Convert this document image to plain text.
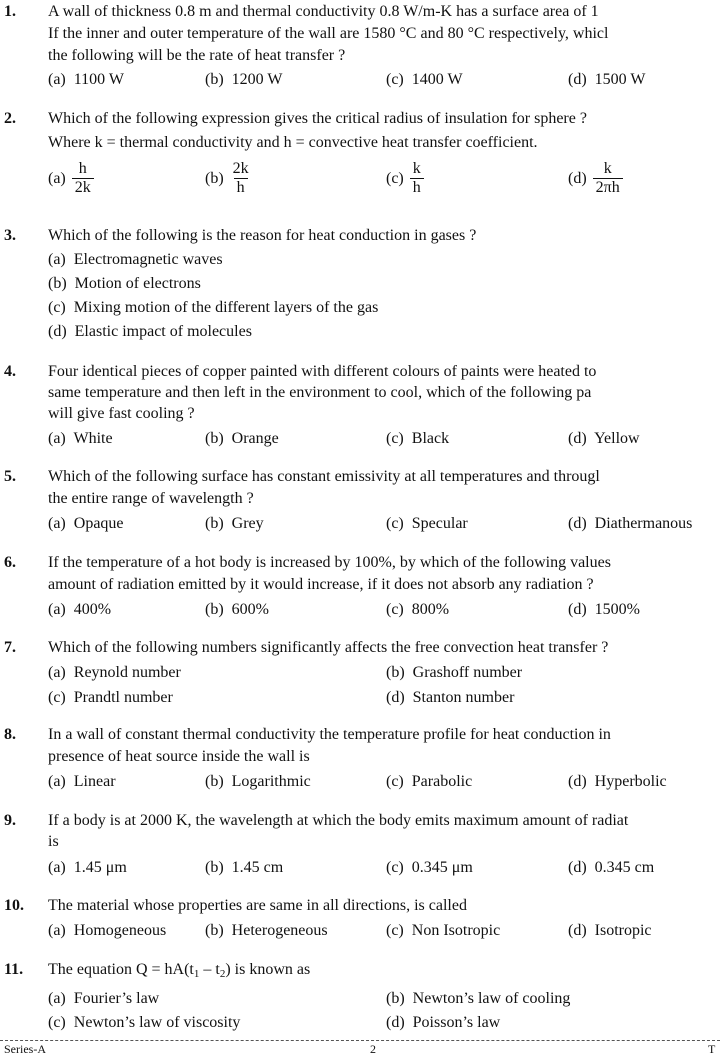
1. A wall of thickness 0.8 m and thermal conductivity 0.8 W/m-K has a surface area of 1
If the inner and outer temperature of the wall are 1580 °C and 80 °C respectively, whicl
the following will be the rate of heat transfer ?
(a) 1100 W	(b) 1200 W	(c) 1400 W	(d) 1500 W
2. Which of the following expression gives the critical radius of insulation for sphere ?
Where k = thermal conductivity and h = convective heat transfer coefficient.
$(a) \frac{h}{2k}$	$(b) \frac{2k}{h}$	$(c) \frac{k}{h}$	$(d) \frac{k}{2\pi h}$
3. Which of the following is the reason for heat conduction in gases ?
(a) Electromagnetic waves
(b) Motion of electrons
(c) Mixing motion of the different layers of the gas
(d) Elastic impact of molecules
4. Four identical pieces of copper painted with different colours of paints were heated to
same temperature and then left in the environment to cool, which of the following pa
will give fast cooling ?
(a) White	(b) Orange	(c) Black	(d) Yellow
5. Which of the following surface has constant emissivity at all temperatures and througl
the entire range of wavelength ?
(a) Opaque	(b) Grey	(c) Specular	(d) Diathermanous
6. If the temperature of a hot body is increased by 100%, by which of the following values
amount of radiation emitted by it would increase, if it does not absorb any radiation ?
(a) 400%	(b) 600%	(c) 800%	(d) 1500%
7. Which of the following numbers significantly affects the free convection heat transfer ?
(a) Reynold number	(b) Grashoff number
(c) Prandtl number	(d) Stanton number
8. In a wall of constant thermal conductivity the temperature profile for heat conduction in
presence of heat source inside the wall is
(a) Linear	(b) Logarithmic	(c) Parabolic	(d) Hyperbolic
9. If a body is at 2000 K, the wavelength at which the body emits maximum amount of radiat
is
(a) 1.45 μm	(b) 1.45 cm	(c) 0.345 μm	(d) 0.345 cm
10. The material whose properties are same in all directions, is called
(a) Homogeneous (b) Heterogeneous	(c) Non Isotropic	(d) Isotropic
11. The equation $Q = hA(t_1 - t_2)$ is known as
(a) Fourier’s law	(b) Newton’s law of cooling
(c) Newton’s law of viscosity	(d) Poisson’s law
Series-A	2	T
